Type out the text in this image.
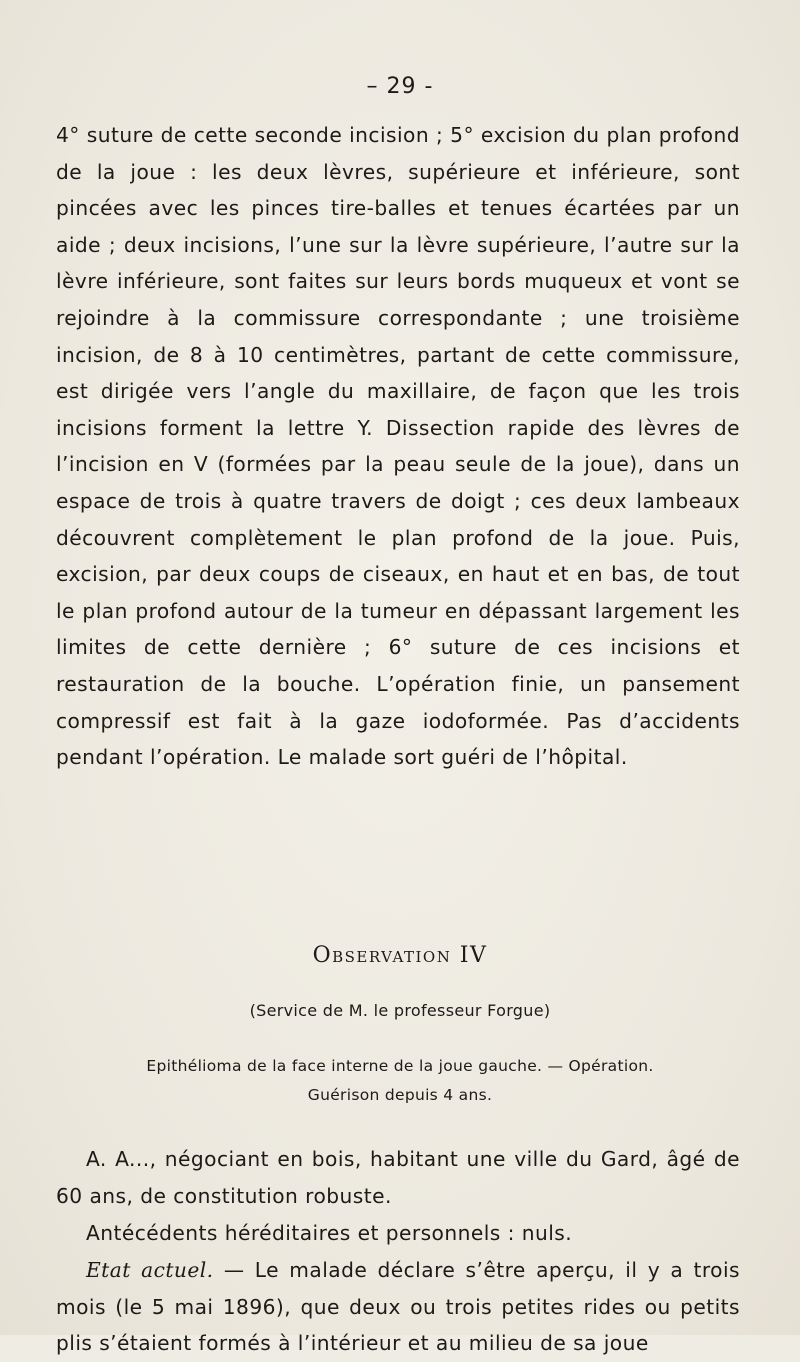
– 29 -

4° suture de cette seconde incision ; 5° excision du plan profond de la joue : les deux lèvres, supérieure et inférieure, sont pincées avec les pinces tire-balles et tenues écartées par un aide ; deux incisions, l’une sur la lèvre supérieure, l’autre sur la lèvre inférieure, sont faites sur leurs bords muqueux et vont se rejoindre à la commissure correspondante ; une troisième incision, de 8 à 10 centimètres, partant de cette commissure, est dirigée vers l’angle du maxillaire, de façon que les trois incisions forment la lettre Y. Dissection rapide des lèvres de l’incision en V (formées par la peau seule de la joue), dans un espace de trois à quatre travers de doigt ; ces deux lambeaux découvrent complètement le plan profond de la joue. Puis, excision, par deux coups de ciseaux, en haut et en bas, de tout le plan profond autour de la tumeur en dépassant largement les limites de cette dernière ; 6° suture de ces incisions et restauration de la bouche. L’opération finie, un pansement compressif est fait à la gaze iodoformée. Pas d’accidents pendant l’opération. Le malade sort guéri de l’hôpital.

Observation IV
(Service de M. le professeur Forgue)

Epithélioma de la face interne de la joue gauche. — Opération.
Guérison depuis 4 ans.

A. A..., négociant en bois, habitant une ville du Gard, âgé de 60 ans, de constitution robuste.

Antécédents héréditaires et personnels : nuls.

Etat actuel. — Le malade déclare s’être aperçu, il y a trois mois (le 5 mai 1896), que deux ou trois petites rides ou petits plis s’étaient formés à l’intérieur et au milieu de sa joue
